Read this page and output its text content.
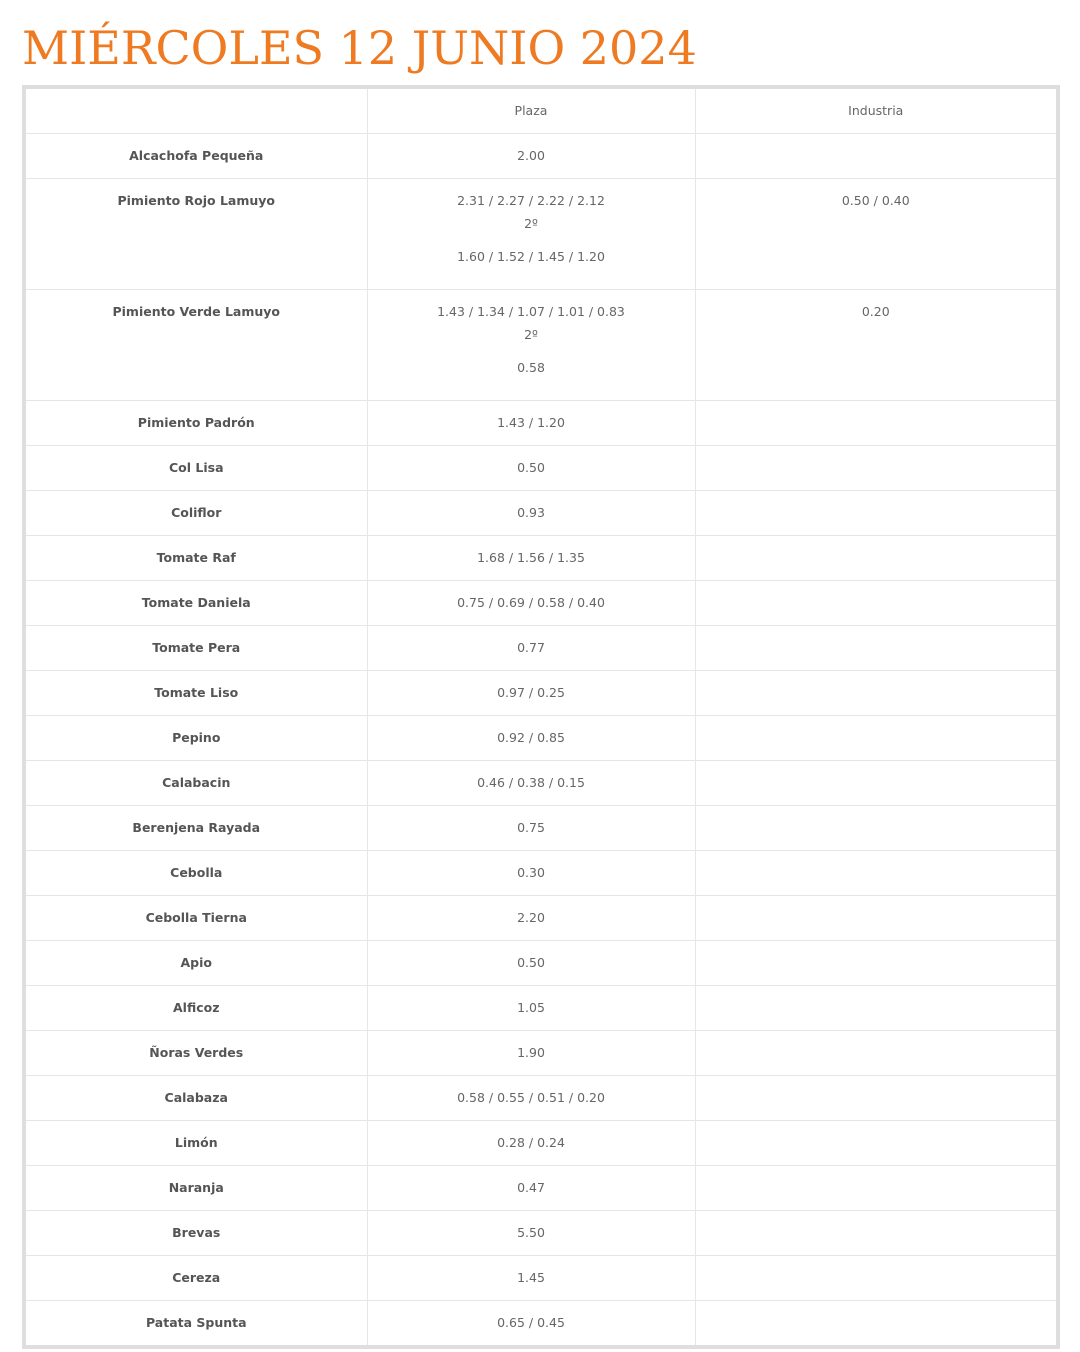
MIÉRCOLES 12 JUNIO 2024
	Plaza	Industria

Alcachofa Pequeña	2.00	

Pimiento Rojo Lamuyo	2.31 / 2.27 / 2.22 / 2.12
2º
1.60 / 1.52 / 1.45 / 1.20	0.50 / 0.40

Pimiento Verde Lamuyo	1.43 / 1.34 / 1.07 / 1.01 / 0.83
2º
0.58	0.20

Pimiento Padrón	1.43 / 1.20	

Col Lisa	0.50	

Coliflor	0.93	

Tomate Raf	1.68 / 1.56 / 1.35	

Tomate Daniela	0.75 / 0.69 / 0.58 / 0.40	

Tomate Pera	0.77	

Tomate Liso	0.97 / 0.25	

Pepino	0.92 / 0.85	

Calabacin	0.46 / 0.38 / 0.15	

Berenjena Rayada	0.75	

Cebolla	0.30	

Cebolla Tierna	2.20	

Apio	0.50	

Alficoz	1.05	

Ñoras Verdes	1.90	

Calabaza	0.58 / 0.55 / 0.51 / 0.20	

Limón	0.28 / 0.24	

Naranja	0.47	

Brevas	5.50	

Cereza	1.45	

Patata Spunta	0.65 / 0.45	
